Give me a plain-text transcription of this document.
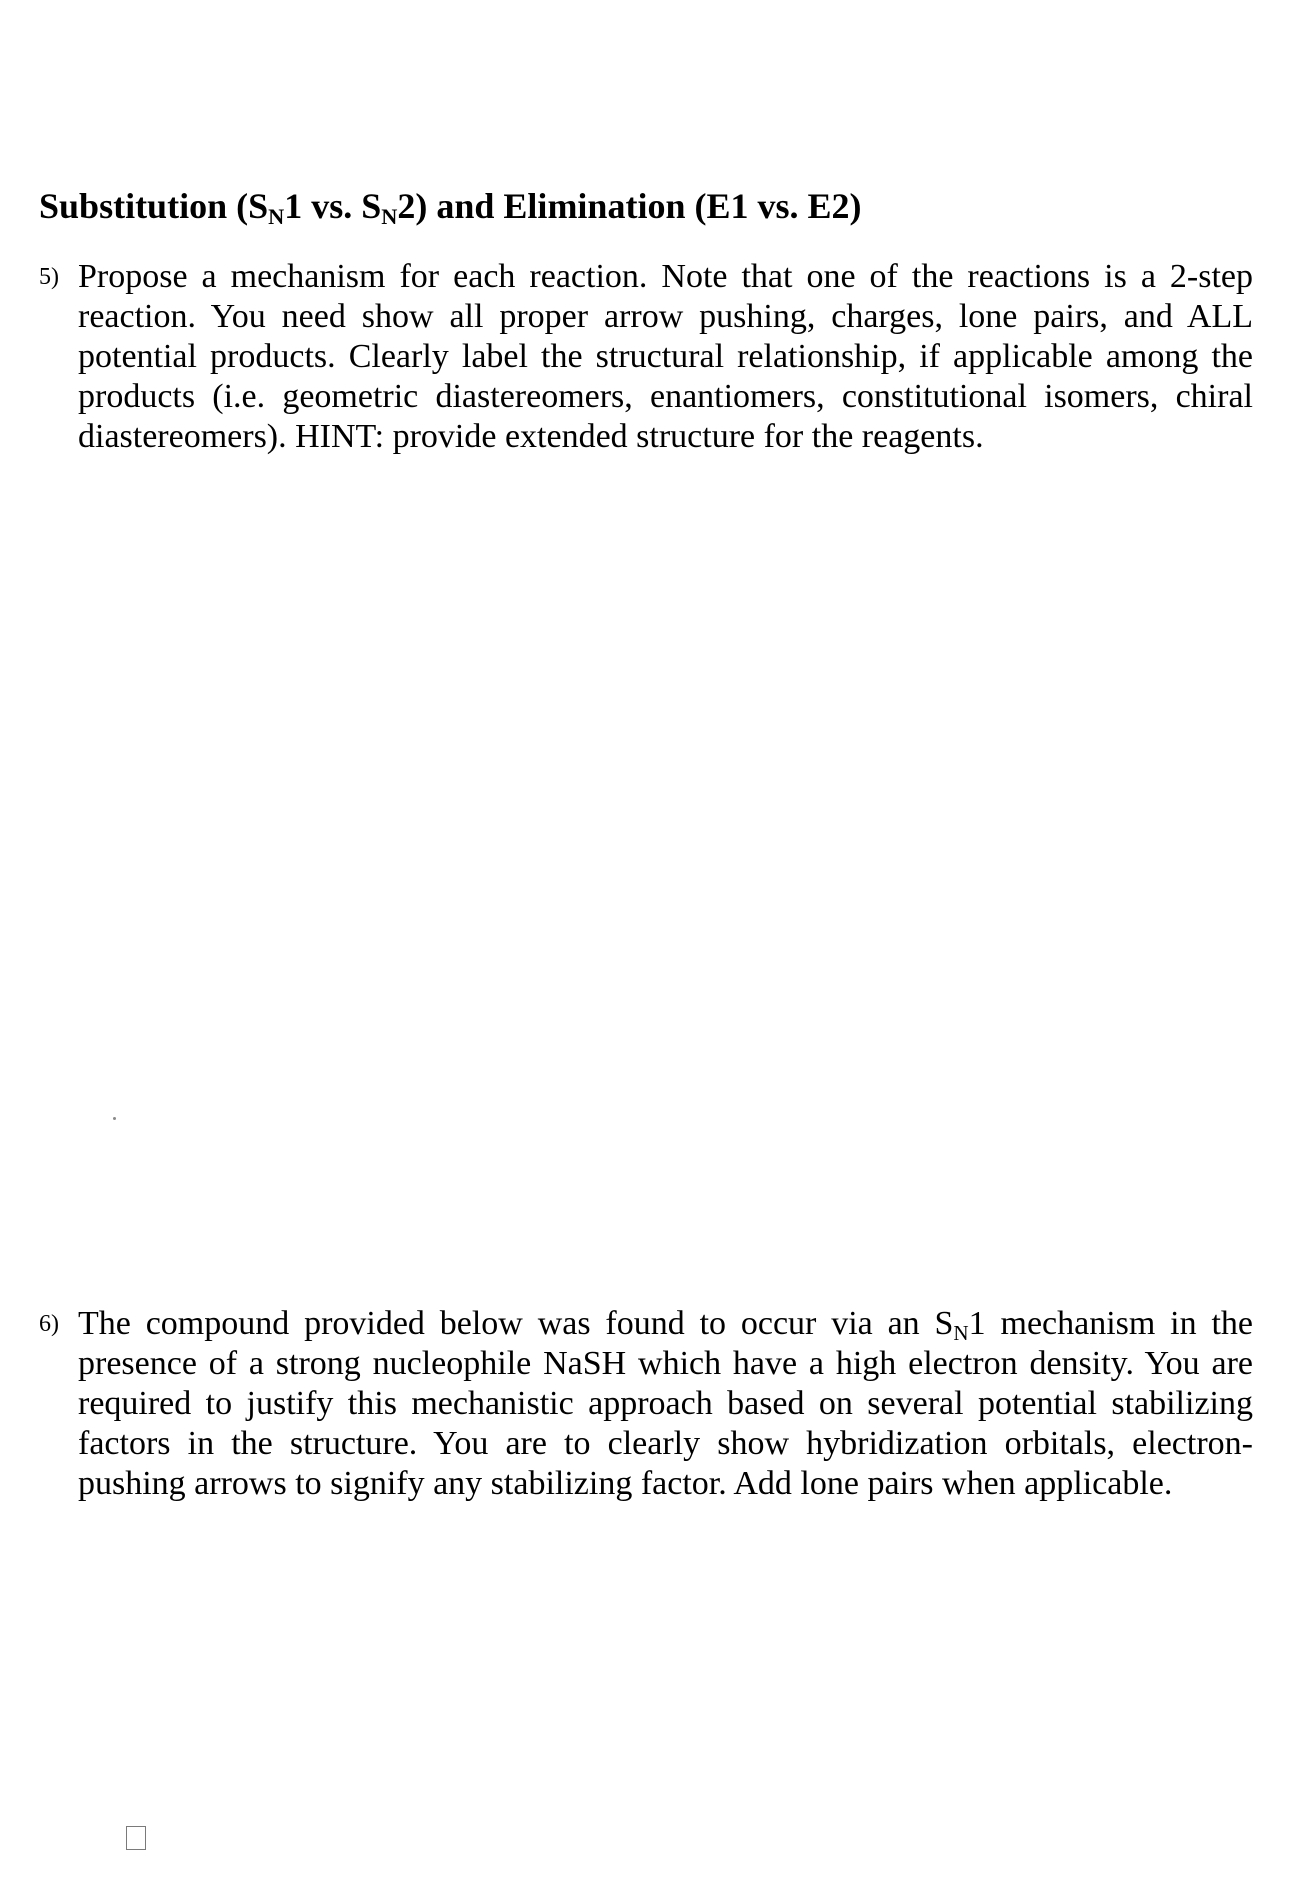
Substitution ($S_N1$ vs. $S_N2$) and Elimination (E1 vs. E2)
5) Propose a mechanism for each reaction. Note that one of the reactions is a 2-step reaction. You need show all proper arrow pushing, charges, lone pairs, and ALL potential products. Clearly label the structural relationship, if applicable among the products (i.e. geometric diastereomers, enantiomers, constitutional isomers, chiral diastereomers). HINT: provide extended structure for the reagents.
6) The compound provided below was found to occur via an $S_N1$ mechanism in the presence of a strong nucleophile NaSH which have a high electron density. You are required to justify this mechanistic approach based on several potential stabilizing factors in the structure. You are to clearly show hybridization orbitals, electron-pushing arrows to signify any stabilizing factor. Add lone pairs when applicable.
